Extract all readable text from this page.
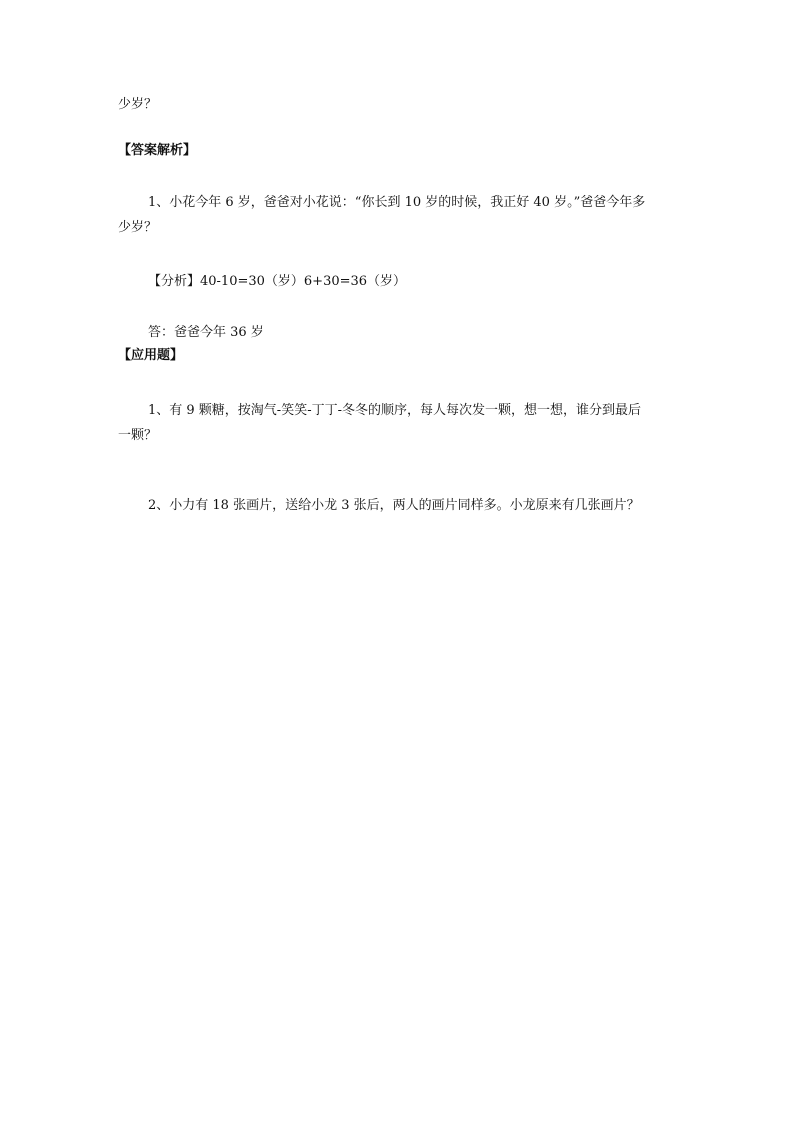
少岁？
【答案解析】
1、小花今年 6 岁，爸爸对小花说：“你长到 10 岁的时候，我正好 40 岁。”爸爸今年多
少岁？
【分析】40-10=30（岁）6+30=36（岁）
答：爸爸今年 36 岁
【应用题】
1、有 9 颗糖，按淘气-笑笑-丁丁-冬冬的顺序，每人每次发一颗，想一想，谁分到最后
一颗？
2、小力有 18 张画片，送给小龙 3 张后，两人的画片同样多。小龙原来有几张画片？
